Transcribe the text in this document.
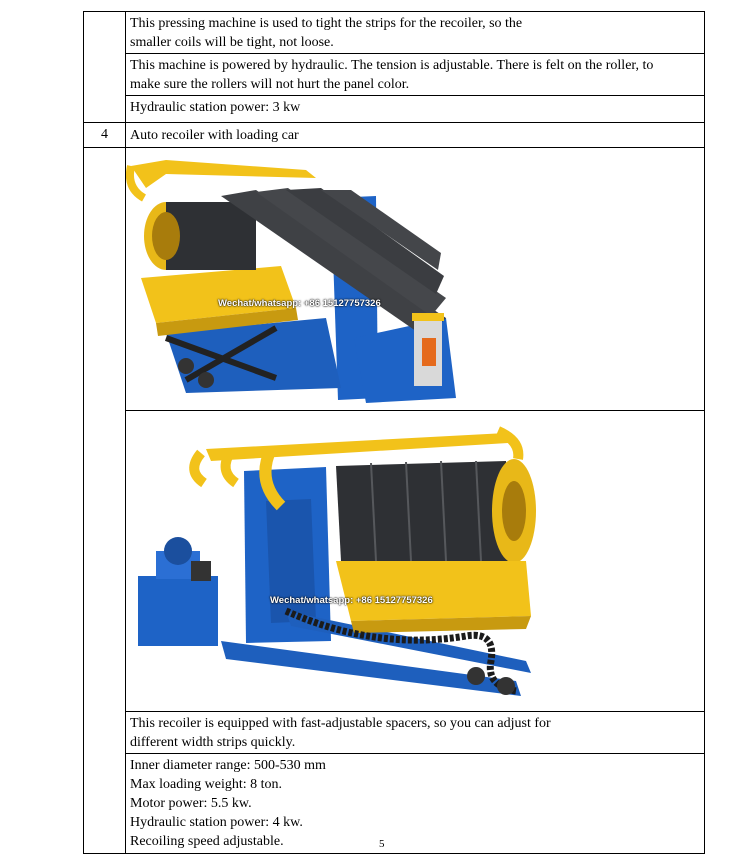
This pressing machine is used to tight the strips for the recoiler, so the

smaller coils will be tight, not loose.

This machine is powered by hydraulic. The tension is adjustable. There is felt on the roller, to

make sure the rollers will not hurt the panel color.

Hydraulic station power: 3 kw

4	Auto recoiler with loading car
Wechat/whatsapp: +86 15127757326
Wechat/whatsapp: +86 15127757326

This recoiler is equipped with fast-adjustable spacers, so you can adjust for

different width strips quickly.

Inner diameter range: 500-530 mm

Max loading weight: 8 ton.

Motor power: 5.5 kw.

Hydraulic station power: 4 kw.

Recoiling speed adjustable.	5
